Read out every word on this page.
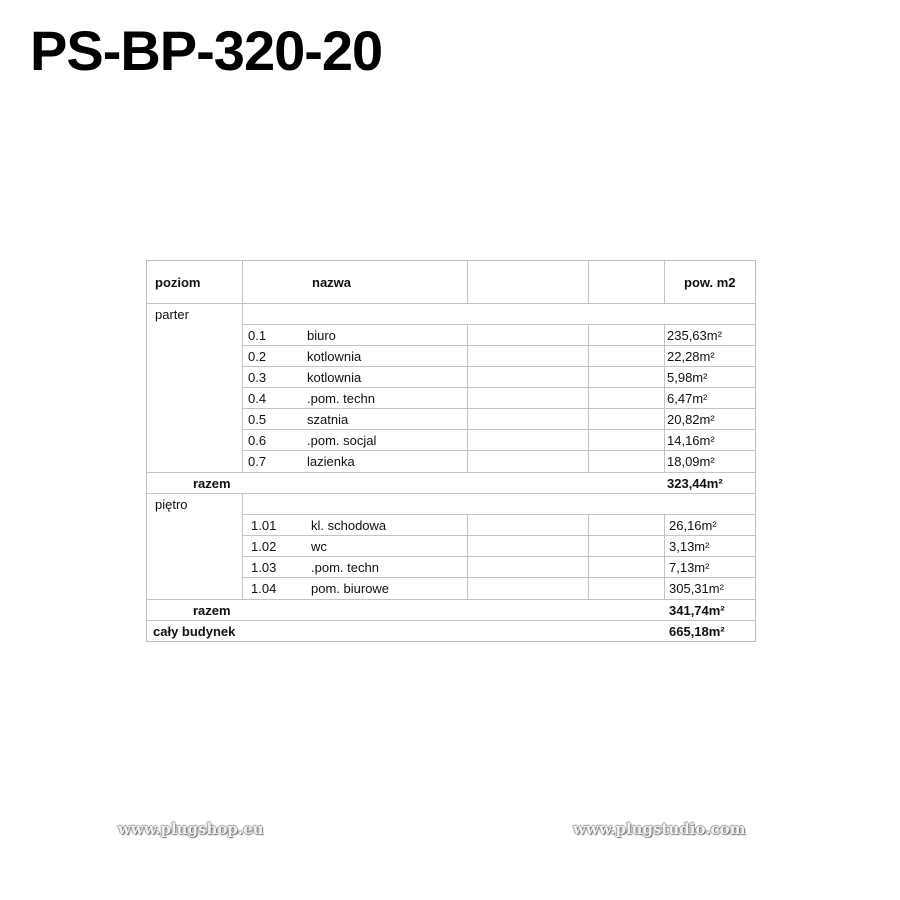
PS-BP-320-20
poziom	nazwa	pow. m2
parter
0.1	biuro	235,63m²
0.2	kotlownia	22,28m²
0.3	kotlownia	5,98m²
0.4	.pom. techn	6,47m²
0.5	szatnia	20,82m²
0.6	.pom. socjal	14,16m²
0.7	lazienka	18,09m²
razem	323,44m²
piętro
1.01	kl. schodowa	26,16m²
1.02	wc	3,13m²
1.03	.pom. techn	7,13m²
1.04	pom. biurowe	305,31m²
razem	341,74m²
cały budynek	665,18m²
www.plugshop.eu	www.plugstudio.com
